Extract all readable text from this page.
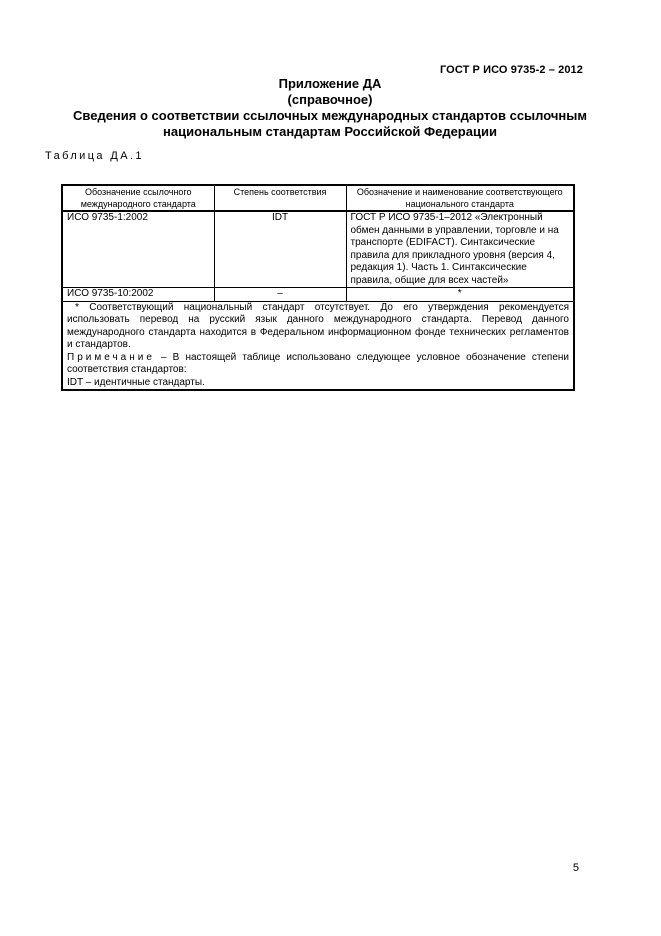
ГОСТ Р ИСО 9735-2 – 2012
Приложение ДА
(справочное)
Сведения о соответствии ссылочных международных стандартов ссылочным
национальным стандартам Российской Федерации
Таблица ДА.1
Обозначение ссылочного международного стандарта	Степень соответствия	Обозначение и наименование соответствующего национального стандарта
ИСО 9735-1:2002	IDT	ГОСТ Р ИСО 9735-1–2012 «Электронный обмен данными в управлении, торговле и на транспорте (EDIFACT). Синтаксические правила для прикладного уровня (версия 4, редакция 1). Часть 1. Синтаксические правила, общие для всех частей»
ИСО 9735-10:2002	–	*

* Соответствующий национальный стандарт отсутствует. До его утверждения рекомендуется использовать перевод на русский язык данного международного стандарта. Перевод данного международного стандарта находится в Федеральном информационном фонде технических регламентов и стандартов.
Примечание – В настоящей таблице использовано следующее условное обозначение степени соответствия стандартов:
IDT – идентичные стандарты.		
5
